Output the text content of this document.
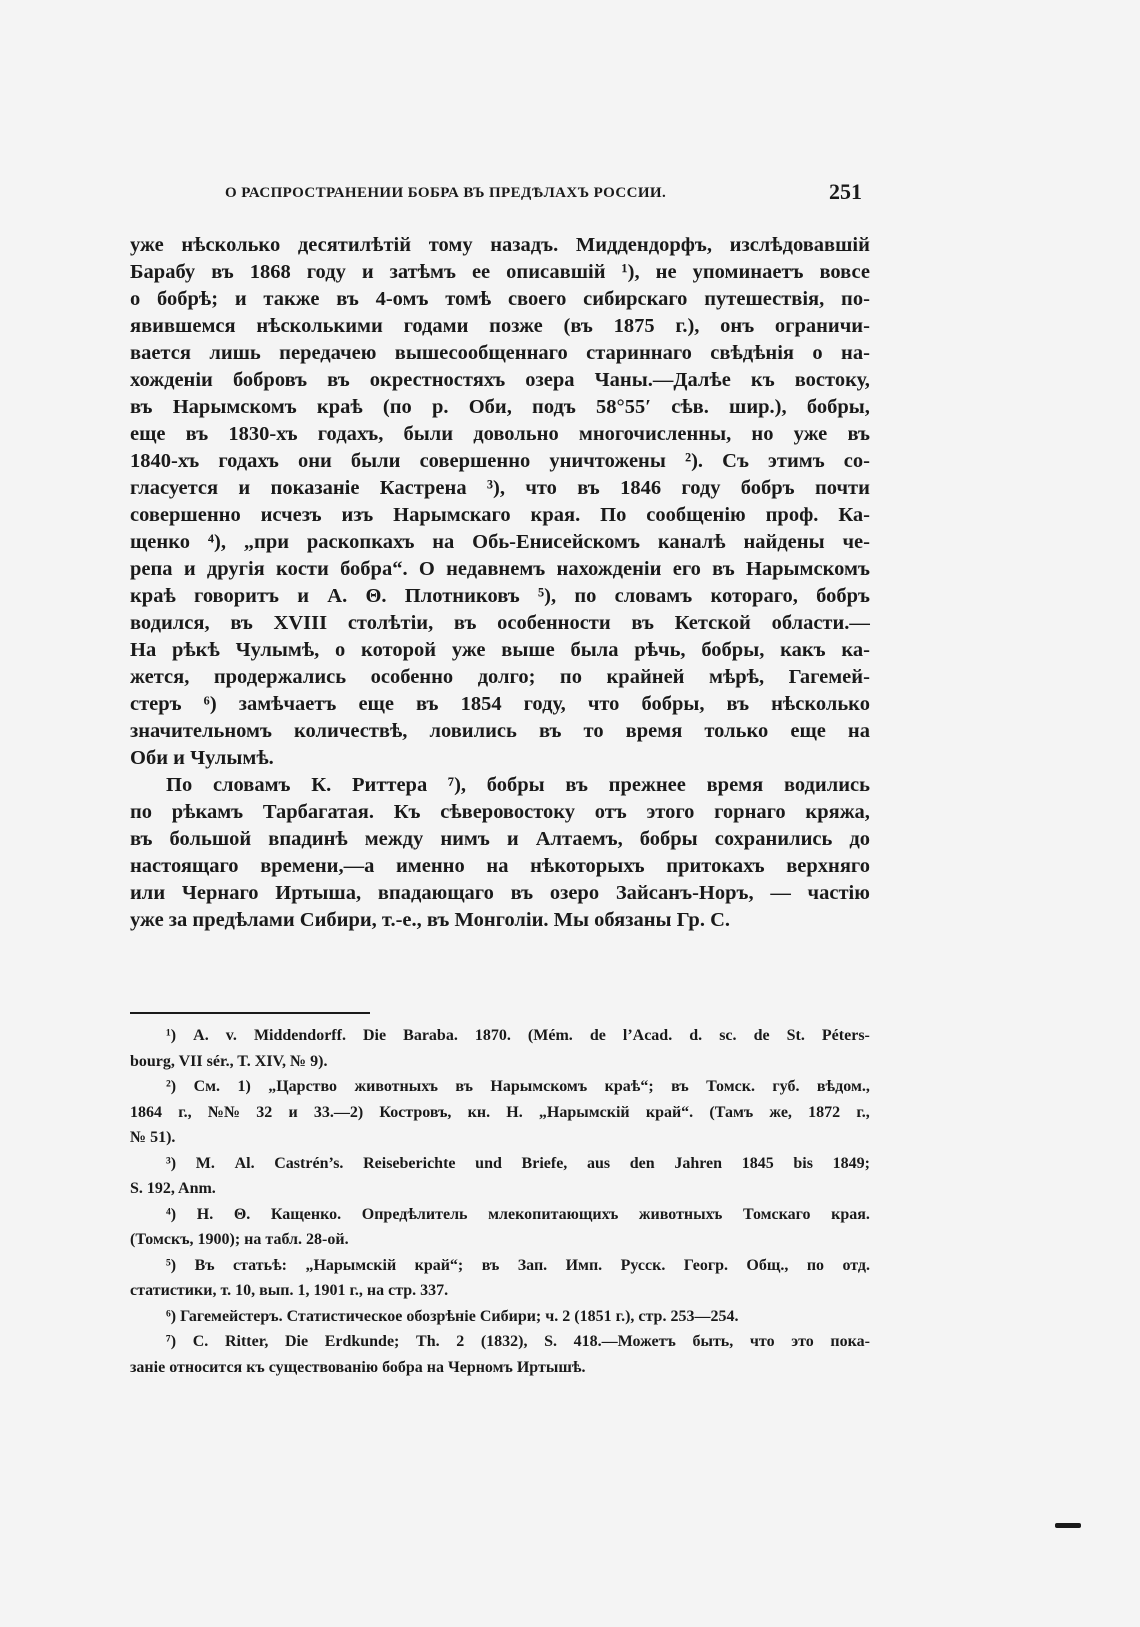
О РАСПРОСТРАНЕНИИ БОБРА ВЪ ПРЕДѢЛАХЪ РОССИИ.	251
уже нѣсколько десятилѣтій тому назадъ. Миддендорфъ, изслѣдовавшій
Барабу въ 1868 году и затѣмъ ее описавшій ¹), не упоминаетъ вовсе
о бобрѣ; и также въ 4-омъ томѣ своего сибирскаго путешествія, по-
явившемся нѣсколькими годами позже (въ 1875 г.), онъ ограничи-
вается лишь передачею вышесообщеннаго стариннаго свѣдѣнія о на-
хожденіи бобровъ въ окрестностяхъ озера Чаны.—Далѣе къ востоку,
въ Нарымскомъ краѣ (по р. Оби, подъ 58°55′ сѣв. шир.), бобры,
еще въ 1830-хъ годахъ, были довольно многочисленны, но уже въ
1840-хъ годахъ они были совершенно уничтожены ²). Съ этимъ со-
гласуется и показаніе Кастрена ³), что въ 1846 году бобръ почти
совершенно исчезъ изъ Нарымскаго края. По сообщенію проф. Ка-
щенко ⁴), „при раскопкахъ на Обь-Енисейскомъ каналѣ найдены че-
репа и другія кости бобра“. О недавнемъ нахожденіи его въ Нарымскомъ
краѣ говоритъ и А. Θ. Плотниковъ ⁵), по словамъ котораго, бобръ
водился, въ XVIII столѣтіи, въ особенности въ Кетской области.—
На рѣкѣ Чулымѣ, о которой уже выше была рѣчь, бобры, какъ ка-
жется, продержались особенно долго; по крайней мѣрѣ, Гагемей-
стеръ ⁶) замѣчаетъ еще въ 1854 году, что бобры, въ нѣсколько
значительномъ количествѣ, ловились въ то время только еще на
Оби и Чулымѣ.
По словамъ К. Риттера ⁷), бобры въ прежнее время водились
по рѣкамъ Тарбагатая. Къ сѣверовостоку отъ этого горнаго кряжа,
въ большой впадинѣ между нимъ и Алтаемъ, бобры сохранились до
настоящаго времени,—а именно на нѣкоторыхъ притокахъ верхняго
или Чернаго Иртыша, впадающаго въ озеро Зайсанъ-Норъ, — частію
уже за предѣлами Сибири, т.-е., въ Монголіи. Мы обязаны Гр. С.
¹) A. v. Middendorff. Die Baraba. 1870. (Mém. de l’Acad. d. sc. de St. Péters-
bourg, VII sér., T. XIV, № 9).
²) См. 1) „Царство животныхъ въ Нарымскомъ краѣ“; въ Томск. губ. вѣдом.,
1864 г., №№ 32 и 33.—2) Костровъ, кн. Н. „Нарымскій край“. (Тамъ же, 1872 г.,
№ 51).
³) M. Al. Castrén’s. Reiseberichte und Briefe, aus den Jahren 1845 bis 1849;
S. 192, Anm.
⁴) Н. Θ. Кащенко. Опредѣлитель млекопитающихъ животныхъ Томскаго края.
(Томскъ, 1900); на табл. 28-ой.
⁵) Въ статьѣ: „Нарымскій край“; въ Зап. Имп. Русск. Геогр. Общ., по отд.
статистики, т. 10, вып. 1, 1901 г., на стр. 337.
⁶) Гагемейстеръ. Статистическое обозрѣніе Сибири; ч. 2 (1851 г.), стр. 253—254.
⁷) C. Ritter, Die Erdkunde; Th. 2 (1832), S. 418.—Можетъ быть, что это пока-
заніе относится къ существованію бобра на Черномъ Иртышѣ.
